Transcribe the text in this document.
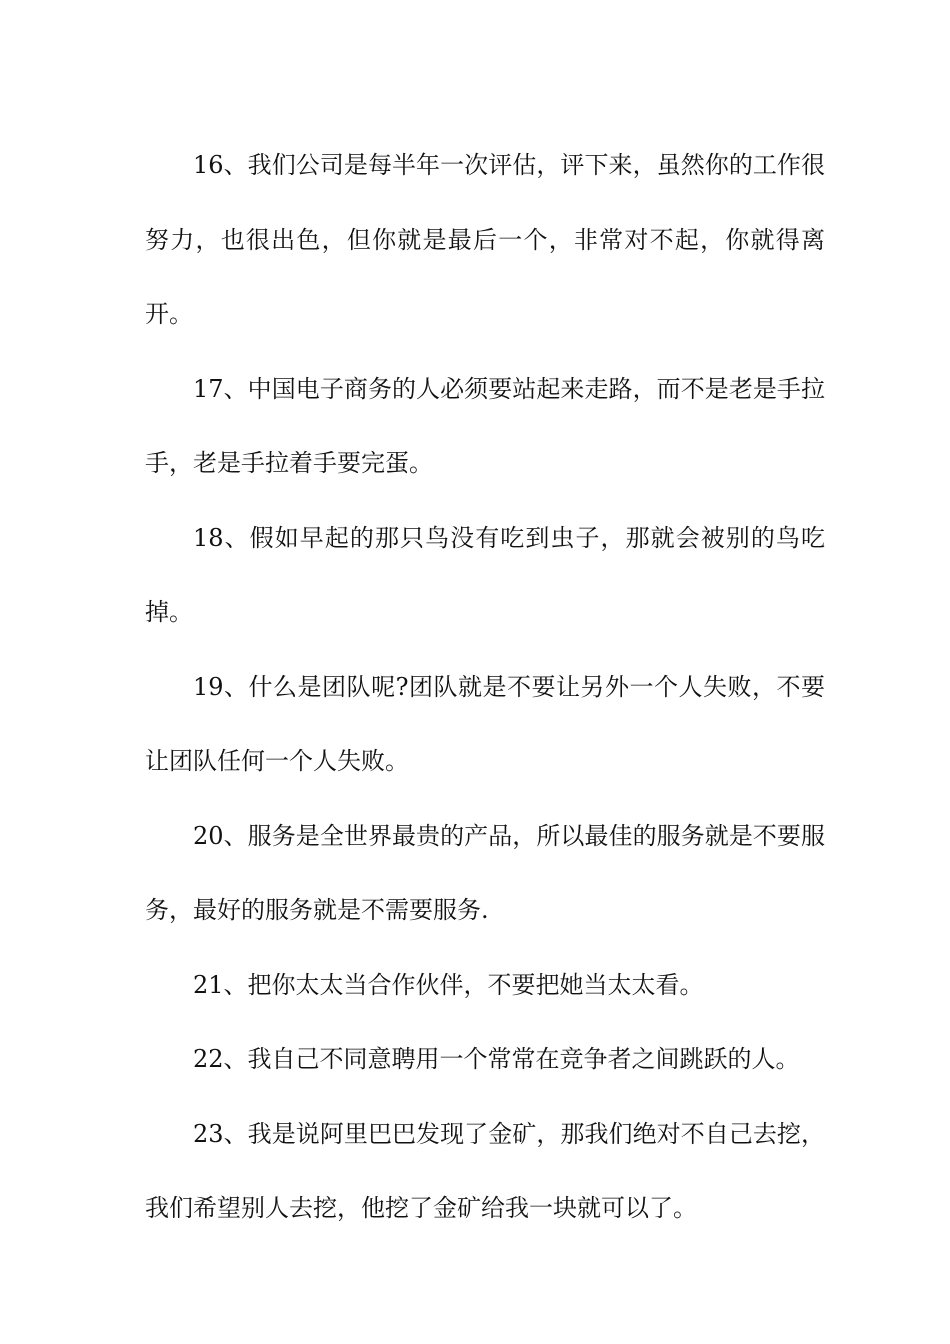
16、我们公司是每半年一次评估，评下来，虽然你的工作很努力，也很出色，但你就是最后一个，非常对不起，你就得离开。

17、中国电子商务的人必须要站起来走路，而不是老是手拉手，老是手拉着手要完蛋。

18、假如早起的那只鸟没有吃到虫子，那就会被别的鸟吃掉。

19、什么是团队呢?团队就是不要让另外一个人失败，不要让团队任何一个人失败。

20、服务是全世界最贵的产品，所以最佳的服务就是不要服务，最好的服务就是不需要服务.

21、把你太太当合作伙伴，不要把她当太太看。

22、我自己不同意聘用一个常常在竞争者之间跳跃的人。

23、我是说阿里巴巴发现了金矿，那我们绝对不自己去挖，我们希望别人去挖，他挖了金矿给我一块就可以了。
